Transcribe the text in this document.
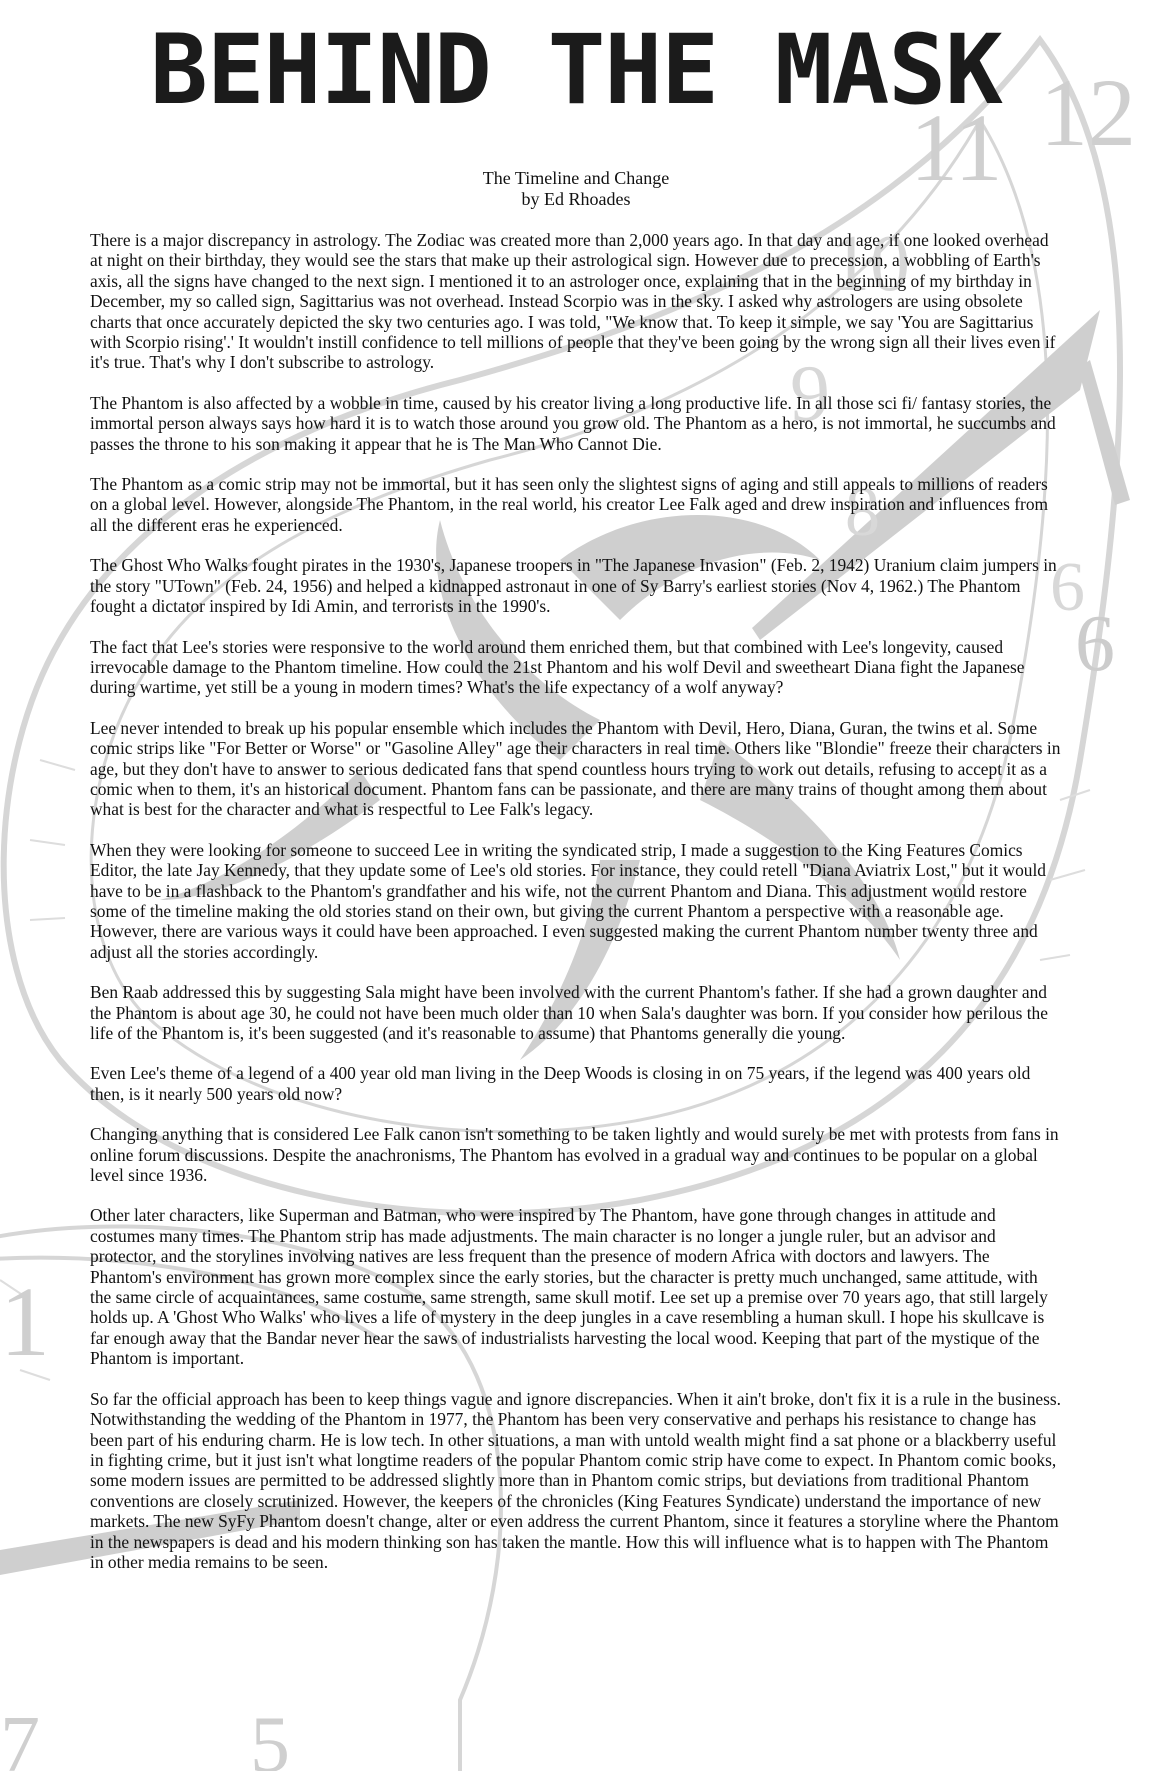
12
11
10
9
8
6
6
1
7	5
BEHIND THE MASK
The Timeline and Change
by Ed Rhoades

There is a major discrepancy in astrology. The Zodiac was created more than 2,000 years ago. In that day and age, if one looked overhead at night on their birthday, they would see the stars that make up their astrological sign. However due to precession, a wobbling of Earth's axis, all the signs have changed to the next sign. I mentioned it to an astrologer once, explaining that in the beginning of my birthday in December, my so called sign, Sagittarius was not overhead. Instead Scorpio was in the sky. I asked why astrologers are using obsolete charts that once accurately depicted the sky two centuries ago. I was told, "We know that. To keep it simple, we say 'You are Sagittarius with Scorpio rising'.' It wouldn't instill confidence to tell millions of people that they've been going by the wrong sign all their lives even if it's true. That's why I don't subscribe to astrology.

The Phantom is also affected by a wobble in time, caused by his creator living a long productive life. In all those sci fi/ fantasy stories, the immortal person always says how hard it is to watch those around you grow old. The Phantom as a hero, is not immortal, he succumbs and passes the throne to his son making it appear that he is The Man Who Cannot Die.

The Phantom as a comic strip may not be immortal, but it has seen only the slightest signs of aging and still appeals to millions of readers on a global level. However, alongside The Phantom, in the real world, his creator Lee Falk aged and drew inspiration and influences from all the different eras he experienced.

The Ghost Who Walks fought pirates in the 1930's, Japanese troopers in "The Japanese Invasion" (Feb. 2, 1942) Uranium claim jumpers in the story "UTown" (Feb. 24, 1956) and helped a kidnapped astronaut in one of Sy Barry's earliest stories (Nov 4, 1962.) The Phantom fought a dictator inspired by Idi Amin, and terrorists in the 1990's.

The fact that Lee's stories were responsive to the world around them enriched them, but that combined with Lee's longevity, caused irrevocable damage to the Phantom timeline. How could the 21st Phantom and his wolf Devil and sweetheart Diana fight the Japanese during wartime, yet still be a young in modern times? What's the life expectancy of a wolf anyway?

Lee never intended to break up his popular ensemble which includes the Phantom with Devil, Hero, Diana, Guran, the twins et al. Some comic strips like "For Better or Worse" or "Gasoline Alley" age their characters in real time. Others like "Blondie" freeze their characters in age, but they don't have to answer to serious dedicated fans that spend countless hours trying to work out details, refusing to accept it as a comic when to them, it's an historical document. Phantom fans can be passionate, and there are many trains of thought among them about what is best for the character and what is respectful to Lee Falk's legacy.

When they were looking for someone to succeed Lee in writing the syndicated strip, I made a suggestion to the King Features Comics Editor, the late Jay Kennedy, that they update some of Lee's old stories. For instance, they could retell "Diana Aviatrix Lost," but it would have to be in a flashback to the Phantom's grandfather and his wife, not the current Phantom and Diana. This adjustment would restore some of the timeline making the old stories stand on their own, but giving the current Phantom a perspective with a reasonable age. However, there are various ways it could have been approached. I even suggested making the current Phantom number twenty three and adjust all the stories accordingly.

Ben Raab addressed this by suggesting Sala might have been involved with the current Phantom's father. If she had a grown daughter and the Phantom is about age 30, he could not have been much older than 10 when Sala's daughter was born. If you consider how perilous the life of the Phantom is, it's been suggested (and it's reasonable to assume) that Phantoms generally die young.

Even Lee's theme of a legend of a 400 year old man living in the Deep Woods is closing in on 75 years, if the legend was 400 years old then, is it nearly 500 years old now?

Changing anything that is considered Lee Falk canon isn't something to be taken lightly and would surely be met with protests from fans in online forum discussions. Despite the anachronisms, The Phantom has evolved in a gradual way and continues to be popular on a global level since 1936.

Other later characters, like Superman and Batman, who were inspired by The Phantom, have gone through changes in attitude and costumes many times. The Phantom strip has made adjustments. The main character is no longer a jungle ruler, but an advisor and protector, and the storylines involving natives are less frequent than the presence of modern Africa with doctors and lawyers. The Phantom's environment has grown more complex since the early stories, but the character is pretty much unchanged, same attitude, with the same circle of acquaintances, same costume, same strength, same skull motif. Lee set up a premise over 70 years ago, that still largely holds up. A 'Ghost Who Walks' who lives a life of mystery in the deep jungles in a cave resembling a human skull. I hope his skullcave is far enough away that the Bandar never hear the saws of industrialists harvesting the local wood. Keeping that part of the mystique of the Phantom is important.

So far the official approach has been to keep things vague and ignore discrepancies. When it ain't broke, don't fix it is a rule in the business. Notwithstanding the wedding of the Phantom in 1977, the Phantom has been very conservative and perhaps his resistance to change has been part of his enduring charm. He is low tech. In other situations, a man with untold wealth might find a sat phone or a blackberry useful in fighting crime, but it just isn't what longtime readers of the popular Phantom comic strip have come to expect. In Phantom comic books, some modern issues are permitted to be addressed slightly more than in Phantom comic strips, but deviations from traditional Phantom conventions are closely scrutinized. However, the keepers of the chronicles (King Features Syndicate) understand the importance of new markets. The new SyFy Phantom doesn't change, alter or even address the current Phantom, since it features a storyline where the Phantom in the newspapers is dead and his modern thinking son has taken the mantle. How this will influence what is to happen with The Phantom in other media remains to be seen.
